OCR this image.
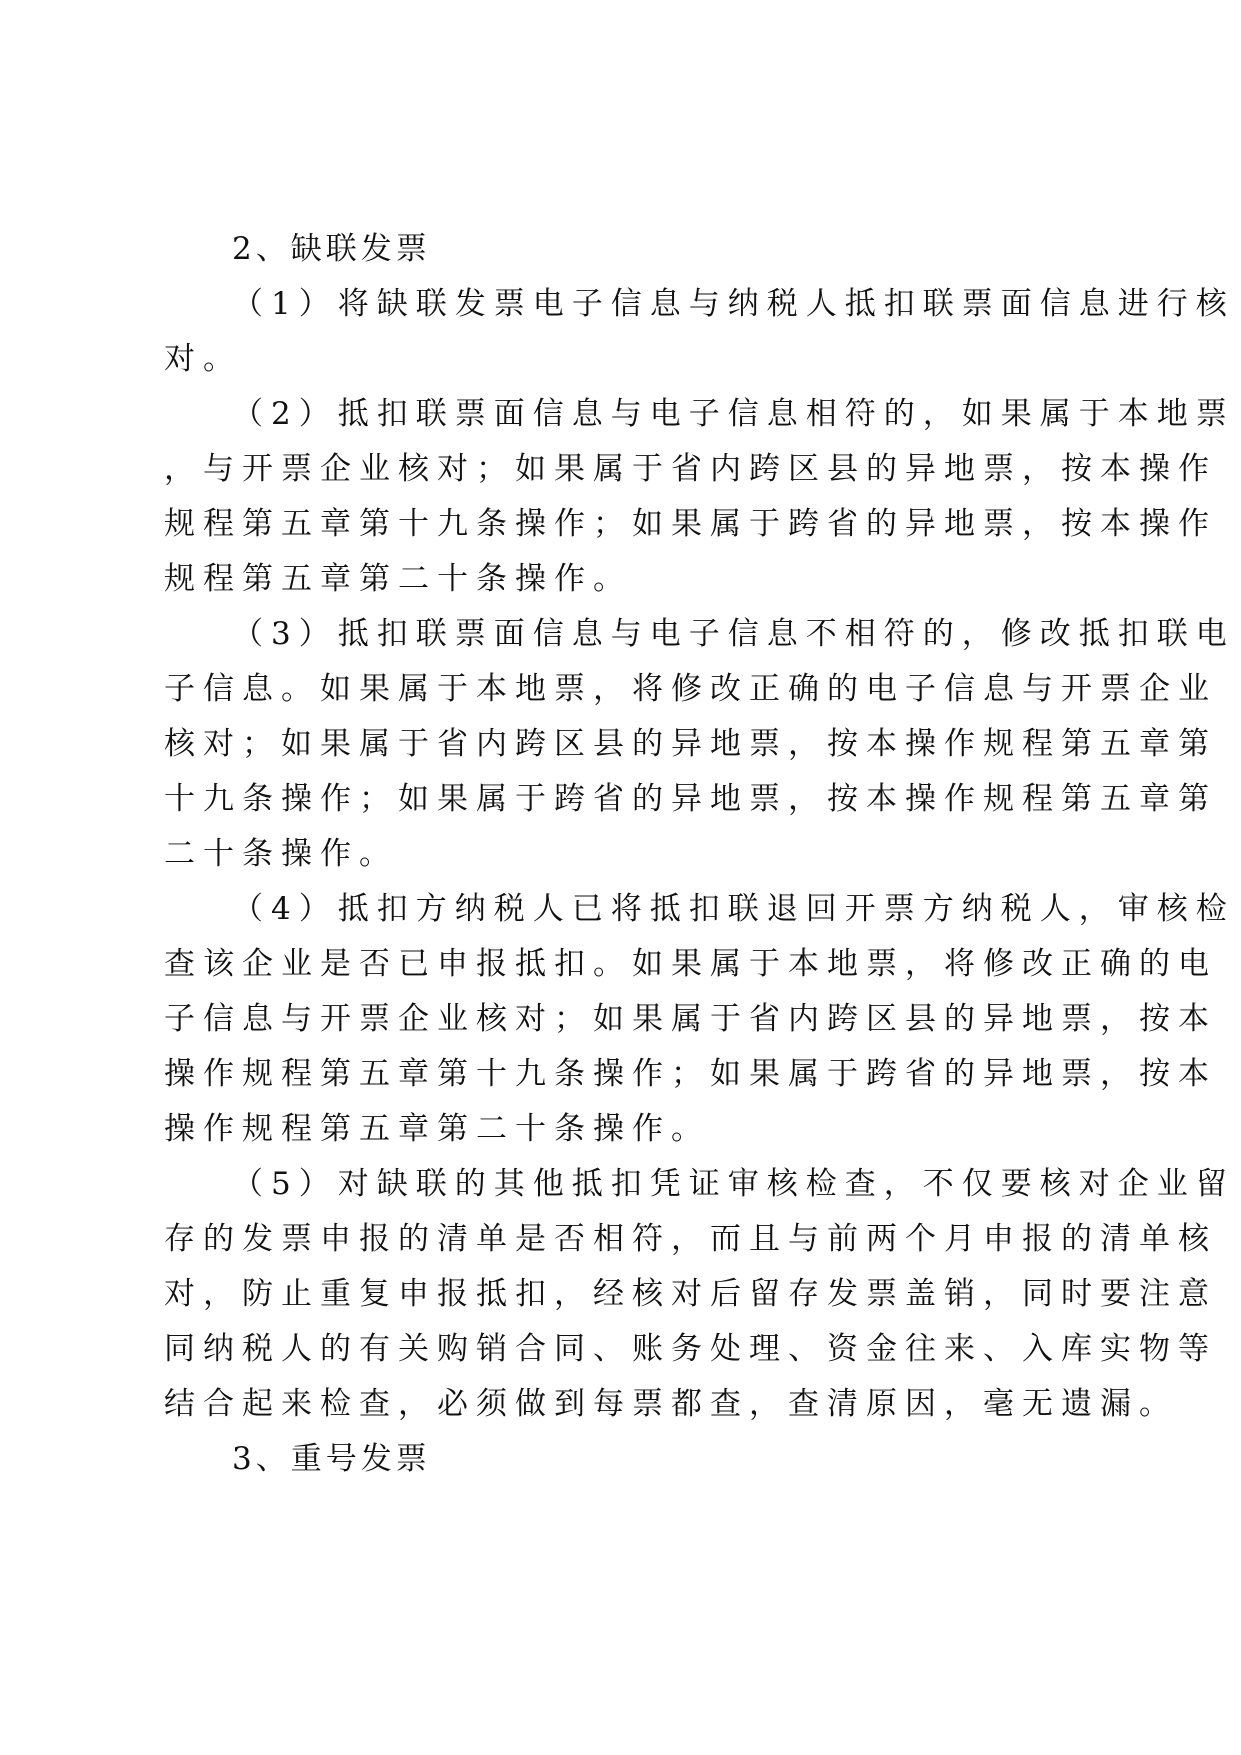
2、缺联发票
（1）将缺联发票电子信息与纳税人抵扣联票面信息进行核
对。
（2）抵扣联票面信息与电子信息相符的，如果属于本地票
，与开票企业核对；如果属于省内跨区县的异地票，按本操作
规程第五章第十九条操作；如果属于跨省的异地票，按本操作
规程第五章第二十条操作。
（3）抵扣联票面信息与电子信息不相符的，修改抵扣联电
子信息。如果属于本地票，将修改正确的电子信息与开票企业
核对；如果属于省内跨区县的异地票，按本操作规程第五章第
十九条操作；如果属于跨省的异地票，按本操作规程第五章第
二十条操作。
（4）抵扣方纳税人已将抵扣联退回开票方纳税人，审核检
查该企业是否已申报抵扣。如果属于本地票，将修改正确的电
子信息与开票企业核对；如果属于省内跨区县的异地票，按本
操作规程第五章第十九条操作；如果属于跨省的异地票，按本
操作规程第五章第二十条操作。
（5）对缺联的其他抵扣凭证审核检查，不仅要核对企业留
存的发票申报的清单是否相符，而且与前两个月申报的清单核
对，防止重复申报抵扣，经核对后留存发票盖销，同时要注意
同纳税人的有关购销合同、账务处理、资金往来、入库实物等
结合起来检查，必须做到每票都查，查清原因，毫无遗漏。
3、重号发票
